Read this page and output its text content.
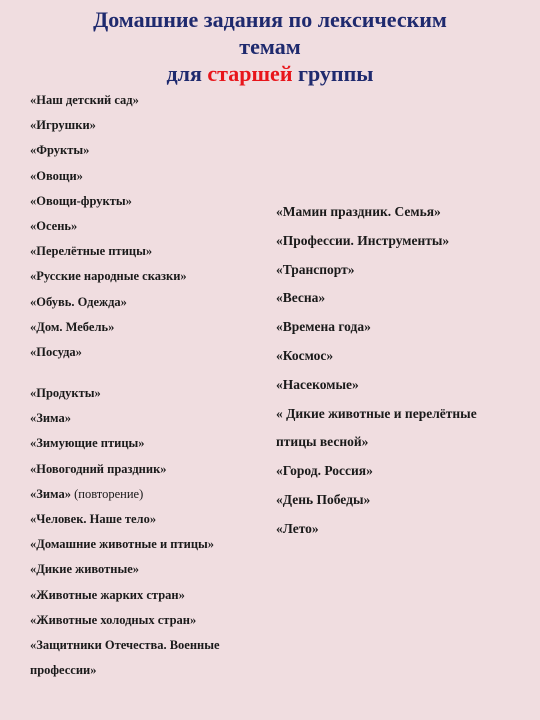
Домашние задания по лексическим
темам
для старшей группы
«Наш детский сад»
«Игрушки»
«Фрукты»
«Овощи»
«Овощи-фрукты»
«Осень»
«Перелётные птицы»
«Русские народные сказки»
«Обувь. Одежда»
«Дом. Мебель»
«Посуда»
«Продукты»
«Зима»
«Зимующие птицы»
«Новогодний праздник»
«Зима» (повторение)
«Человек. Наше тело»
«Домашние животные и птицы»
«Дикие животные»
«Животные жарких стран»
«Животные холодных стран»
«Защитники Отечества. Военные
профессии»
«Мамин праздник. Семья»
«Профессии. Инструменты»
«Транспорт»
«Весна»
«Времена года»
«Космос»
«Насекомые»
« Дикие животные и перелётные
птицы весной»
«Город. Россия»
«День Победы»
«Лето»
